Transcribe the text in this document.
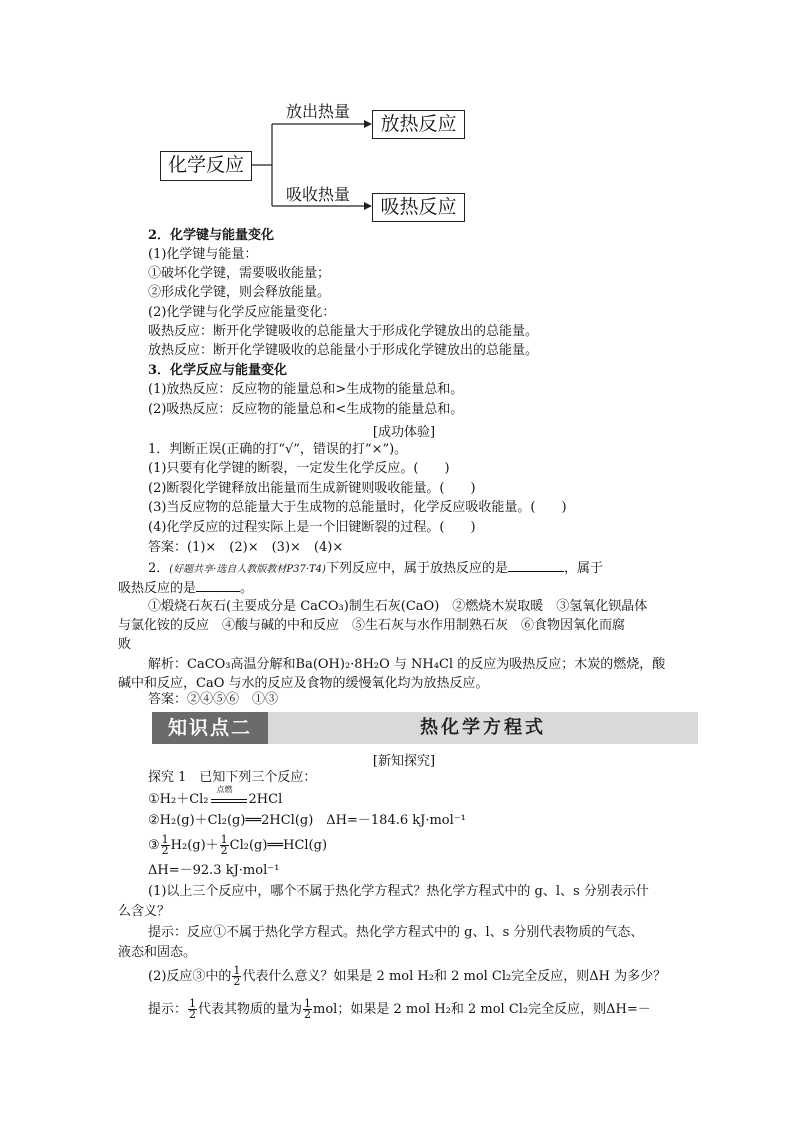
化学反应
放出热量
放热反应
吸收热量
吸热反应
2．化学键与能量变化
(1)化学键与能量：
①破坏化学键，需要吸收能量；
②形成化学键，则会释放能量。
(2)化学键与化学反应能量变化：
吸热反应：断开化学键吸收的总能量大于形成化学键放出的总能量。
放热反应：断开化学键吸收的总能量小于形成化学键放出的总能量。
3．化学反应与能量变化
(1)放热反应：反应物的能量总和>生成物的能量总和。
(2)吸热反应：反应物的能量总和<生成物的能量总和。
[成功体验]
1．判断正误(正确的打“√”，错误的打“×”)。
(1)只要有化学键的断裂，一定发生化学反应。(　　)
(2)断裂化学键释放出能量而生成新键则吸收能量。(　　)
(3)当反应物的总能量大于生成物的总能量时，化学反应吸收能量。(　　)
(4)化学反应的过程实际上是一个旧键断裂的过程。(　　)
答案：(1)×　(2)×　(3)×　(4)×
2．(好题共享·选自人教版教材P37·T4)下列反应中，属于放热反应的是	，属于
吸热反应的是	。
①煅烧石灰石(主要成分是 CaCO₃)制生石灰(CaO)　②燃烧木炭取暖　③氢氧化钡晶体
与氯化铵的反应　④酸与碱的中和反应　⑤生石灰与水作用制熟石灰　⑥食物因氧化而腐
败
解析：CaCO₃高温分解和Ba(OH)₂·8H₂O 与 NH₄Cl 的反应为吸热反应；木炭的燃烧，酸
碱中和反应，CaO 与水的反应及食物的缓慢氧化均为放热反应。
答案：②④⑤⑥　①③
知识点二	热化学方程式
[新知探究]
探究 1　已知下列三个反应：
①H₂＋Cl₂
点燃
2HCl
②H₂(g)＋Cl₂(g)══2HCl(g)　ΔH=－184.6 kJ·mol⁻¹
③ $\frac{1}{2} H_2(g)+ \frac{1}{2}$ Cl₂(g)══HCl(g)
ΔH=－92.3 kJ·mol⁻¹
(1)以上三个反应中，哪个不属于热化学方程式？热化学方程式中的 g、l、s 分别表示什
么含义？
提示：反应①不属于热化学方程式。热化学方程式中的 g、l、s 分别代表物质的气态、
液态和固态。
(2)反应③中的 $\frac{1}{2}$ 代表什么意义？如果是 2 mol H₂和 2 mol Cl₂完全反应，则ΔH 为多少？
提示： $\frac{1}{2}$ 代表其物质的量为 $\frac{1}{2}$ mol；如果是 2 mol H₂和 2 mol Cl₂完全反应，则ΔH=－
